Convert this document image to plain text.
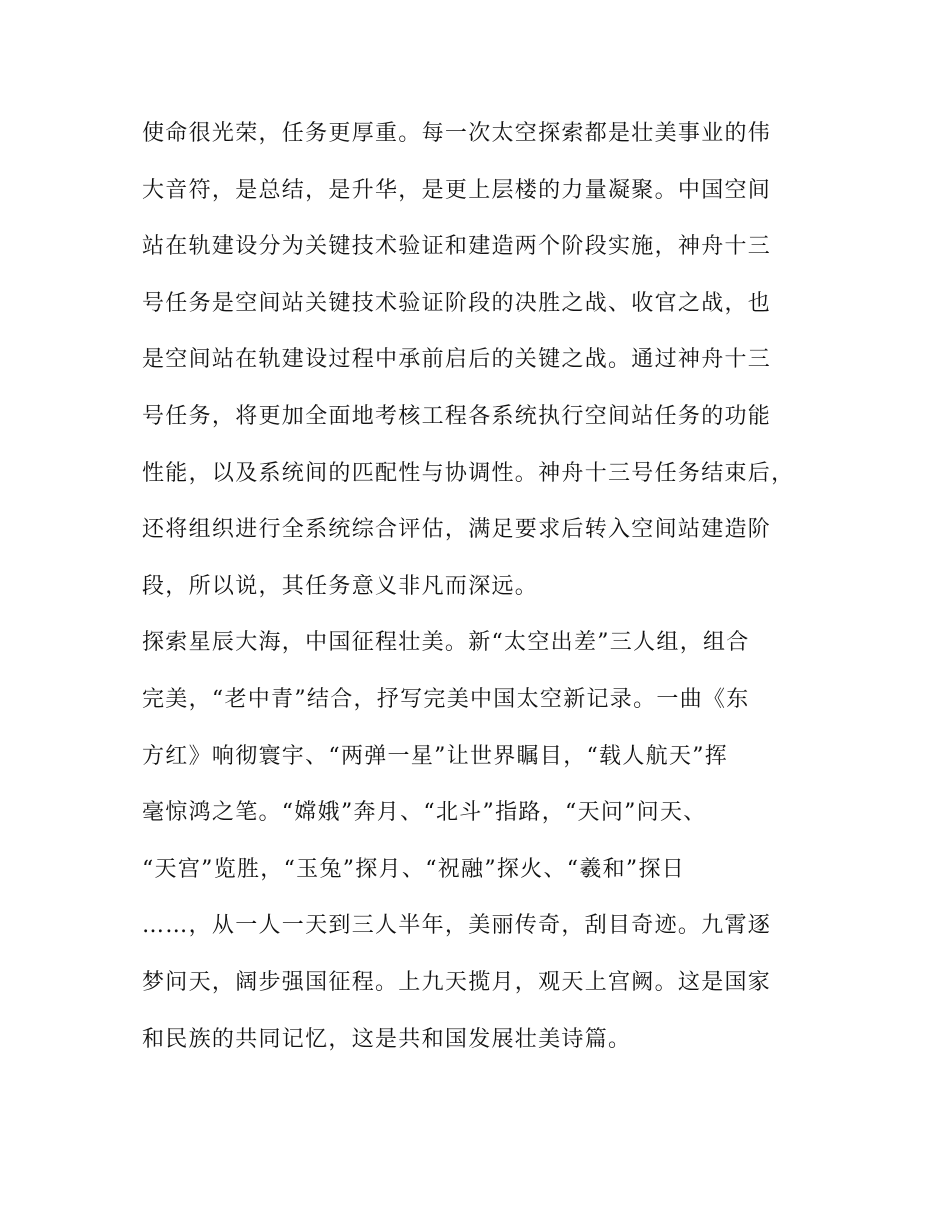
使命很光荣，任务更厚重。每一次太空探索都是壮美事业的伟
大音符，是总结，是升华，是更上层楼的力量凝聚。中国空间
站在轨建设分为关键技术验证和建造两个阶段实施，神舟十三
号任务是空间站关键技术验证阶段的决胜之战、收官之战，也
是空间站在轨建设过程中承前启后的关键之战。通过神舟十三
号任务，将更加全面地考核工程各系统执行空间站任务的功能
性能，以及系统间的匹配性与协调性。神舟十三号任务结束后，
还将组织进行全系统综合评估，满足要求后转入空间站建造阶
段，所以说，其任务意义非凡而深远。
探索星辰大海，中国征程壮美。新“太空出差”三人组，组合
完美，“老中青”结合，抒写完美中国太空新记录。一曲《东
方红》响彻寰宇、“两弹一星”让世界瞩目，“载人航天”挥
毫惊鸿之笔。“嫦娥”奔月、“北斗”指路，“天问”问天、
“天宫”览胜，“玉兔”探月、“祝融”探火、“羲和”探日
……，从一人一天到三人半年，美丽传奇，刮目奇迹。九霄逐
梦问天，阔步强国征程。上九天揽月，观天上宫阙。这是国家
和民族的共同记忆，这是共和国发展壮美诗篇。
